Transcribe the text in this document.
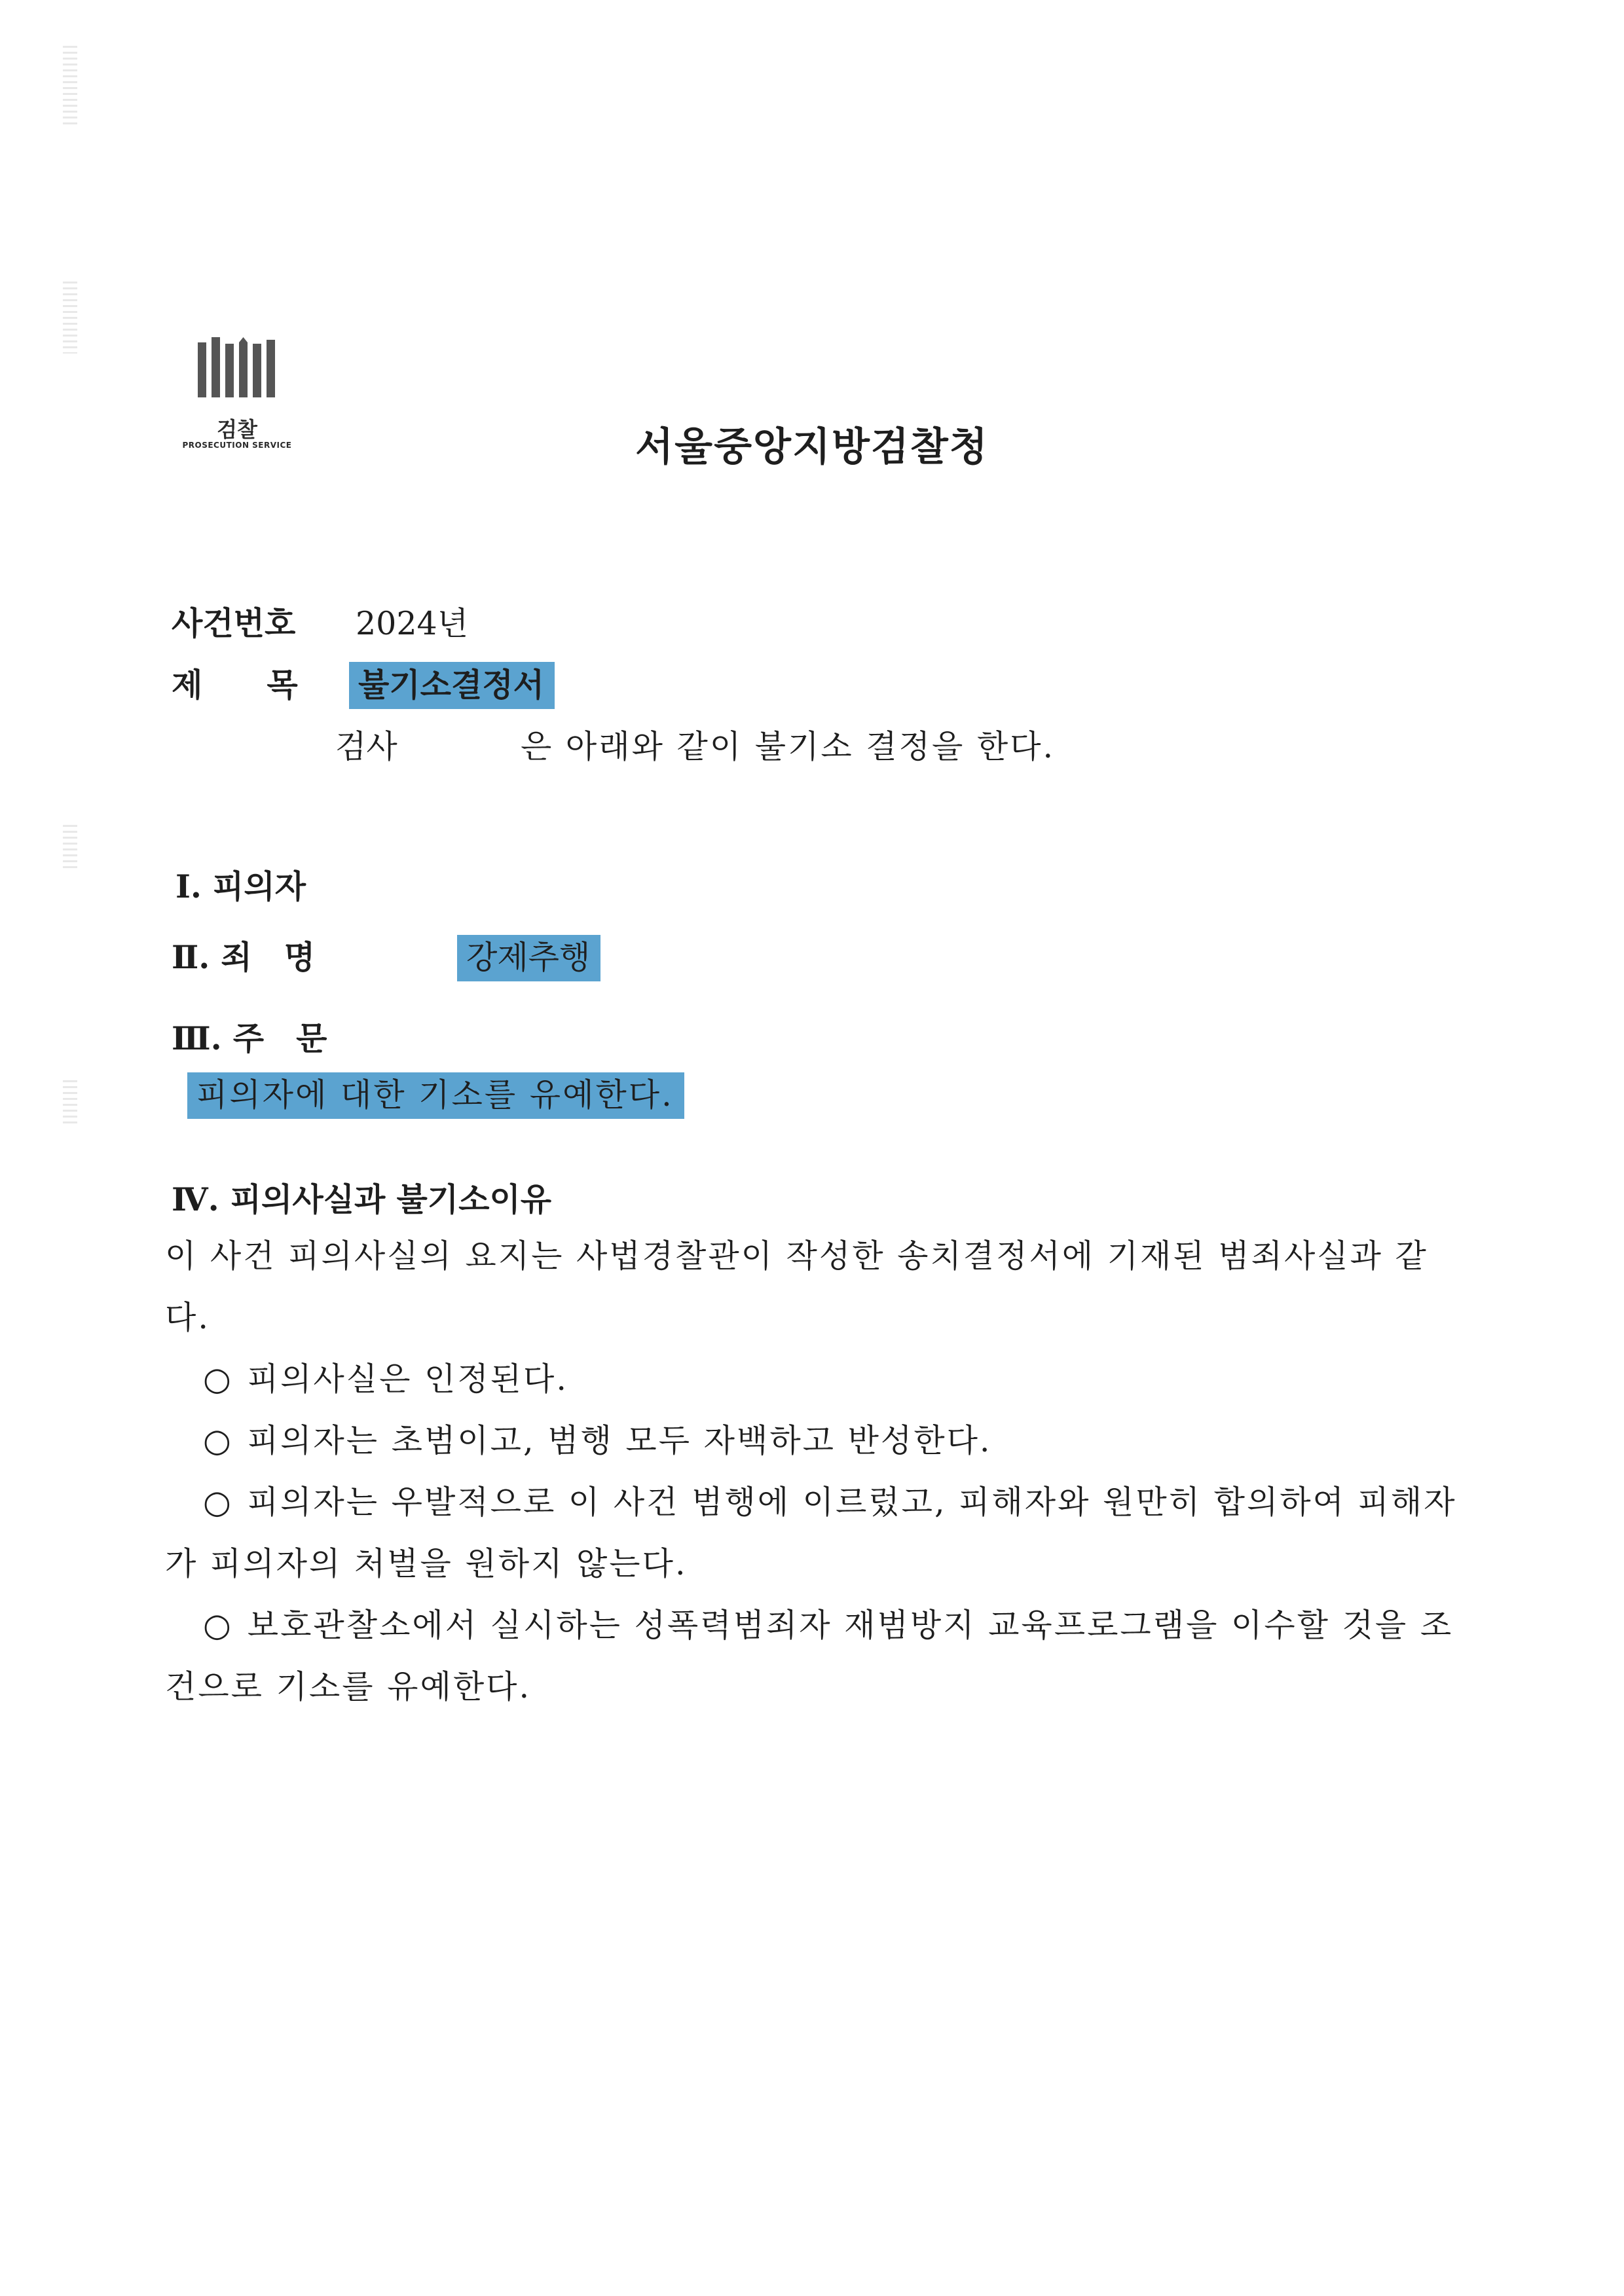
검찰
PROSECUTION SERVICE	서울중앙지방검찰청
사건번호 2024년
제　　목 불기소결정서
검사	은 아래와 같이 불기소 결정을 한다.
Ⅰ. 피의자
Ⅱ. 죄　명	강제추행
Ⅲ. 주　문
피의자에 대한 기소를 유예한다.
Ⅳ. 피의사실과 불기소이유

이 사건 피의사실의 요지는 사법경찰관이 작성한 송치결정서에 기재된 범죄사실과 같다.

○ 피의사실은 인정된다.

○ 피의자는 초범이고, 범행 모두 자백하고 반성한다.

○ 피의자는 우발적으로 이 사건 범행에 이르렀고, 피해자와 원만히 합의하여 피해자가 피의자의 처벌을 원하지 않는다.

○ 보호관찰소에서 실시하는 성폭력범죄자 재범방지 교육프로그램을 이수할 것을 조건으로 기소를 유예한다.
